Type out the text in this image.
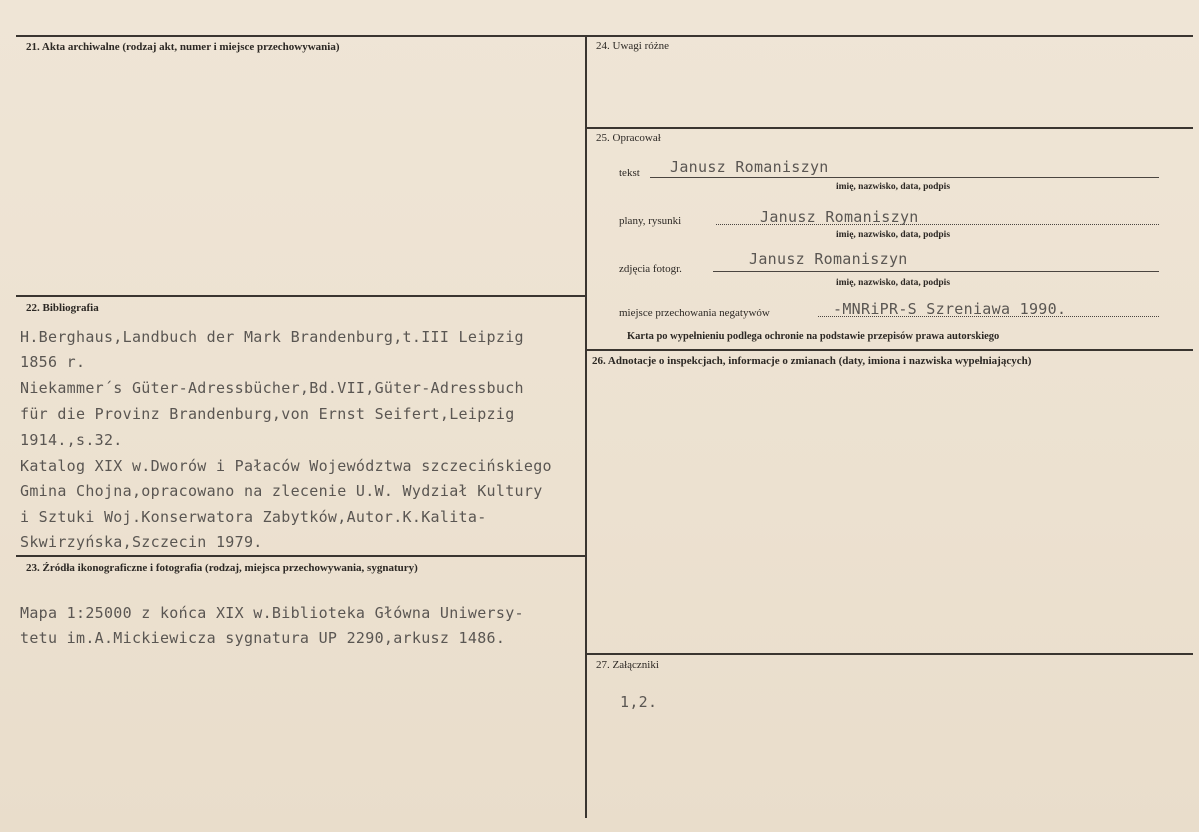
21. Akta archiwalne (rodzaj akt, numer i miejsce przechowywania)
22. Bibliografia
H.Berghaus,Landbuch der Mark Brandenburg,t.III Leipzig
1856 r.
Niekammer´s Güter-Adressbücher,Bd.VII,Güter-Adressbuch
für die Provinz Brandenburg,von Ernst Seifert,Leipzig
1914.,s.32.
Katalog XIX w.Dworów i Pałaców Województwa szczecińskiego
Gmina Chojna,opracowano na zlecenie U.W. Wydział Kultury
i Sztuki Woj.Konserwatora Zabytków,Autor.K.Kalita-
Skwirzyńska,Szczecin 1979.
23. Źródła ikonograficzne i fotografia (rodzaj, miejsca przechowywania, sygnatury)
Mapa 1:25000 z końca XIX w.Biblioteka Główna Uniwersy-
tetu im.A.Mickiewicza sygnatura UP 2290,arkusz 1486.
24. Uwagi różne
25. Opracował
tekst Janusz Romaniszyn
imię, nazwisko, data, podpis
plany, rysunki	Janusz Romaniszyn
imię, nazwisko, data, podpis
zdjęcia fotogr.
Janusz Romaniszyn
imię, nazwisko, data, podpis
miejsce przechowania negatywów	-MNRiPR-S Szreniawa 1990.
Karta po wypełnieniu podlega ochronie na podstawie przepisów prawa autorskiego
26. Adnotacje o inspekcjach, informacje o zmianach (daty, imiona i nazwiska wypełniających)
27. Załączniki
1,2.
